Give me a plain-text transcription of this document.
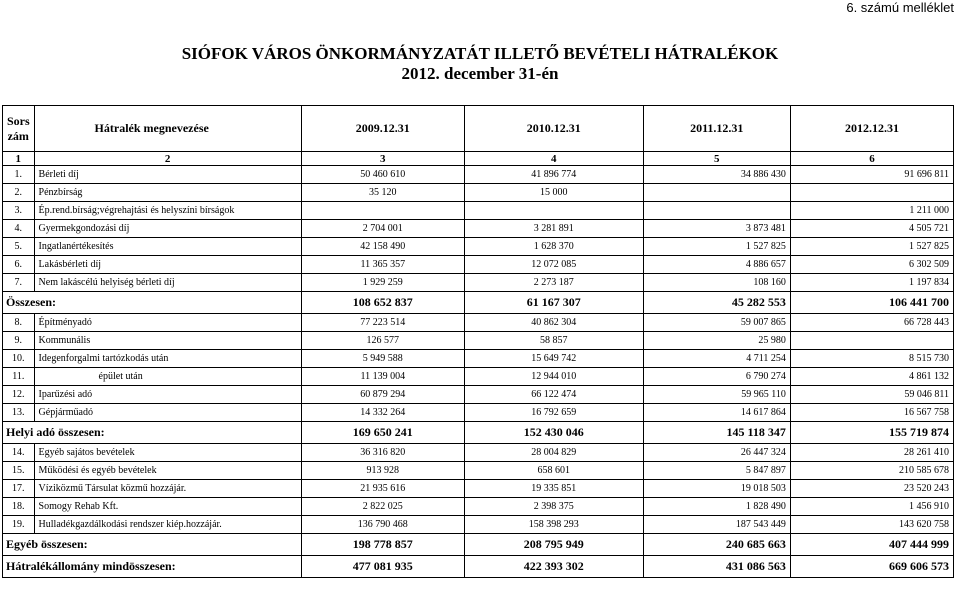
6. számú melléklet
SIÓFOK VÁROS ÖNKORMÁNYZATÁT ILLETŐ BEVÉTELI HÁTRALÉKOK
2012. december 31-én
Sors zám	Hátralék megnevezése	2009.12.31	2010.12.31	2011.12.31	2012.12.31
1	2	3	4	5	6
1.	Bérleti díj	50 460 610	41 896 774	34 886 430	91 696 811
2.	Pénzbírság	35 120	15 000		
3.	Ép.rend.bírság;végrehajtási és helyszíni bírságok				1 211 000
4.	Gyermekgondozási díj	2 704 001	3 281 891	3 873 481	4 505 721
5.	Ingatlanértékesítés	42 158 490	1 628 370	1 527 825	1 527 825
6.	Lakásbérleti díj	11 365 357	12 072 085	4 886 657	6 302 509
7.	Nem lakáscélú helyiség bérleti díj	1 929 259	2 273 187	108 160	1 197 834
Összesen:		108 652 837	61 167 307	45 282 553	106 441 700
8.	Építményadó	77 223 514	40 862 304	59 007 865	66 728 443
9.	Kommunális	126 577	58 857	25 980	
10.	Idegenforgalmi tartózkodás után	5 949 588	15 649 742	4 711 254	8 515 730
11.	épület után	11 139 004	12 944 010	6 790 274	4 861 132
12.	Iparűzési adó	60 879 294	66 122 474	59 965 110	59 046 811
13.	Gépjárműadó	14 332 264	16 792 659	14 617 864	16 567 758
Helyi adó összesen:		169 650 241	152 430 046	145 118 347	155 719 874
14.	Egyéb sajátos bevételek	36 316 820	28 004 829	26 447 324	28 261 410
15.	Működési és egyéb bevételek	913 928	658 601	5 847 897	210 585 678
17.	Víziközmű Társulat közmű hozzájár.	21 935 616	19 335 851	19 018 503	23 520 243
18.	Somogy Rehab Kft.	2 822 025	2 398 375	1 828 490	1 456 910
19.	Hulladékgazdálkodási rendszer kiép.hozzájár.	136 790 468	158 398 293	187 543 449	143 620 758
Egyéb összesen:		198 778 857	208 795 949	240 685 663	407 444 999
Hátralékállomány mindösszesen:		477 081 935	422 393 302	431 086 563	669 606 573
